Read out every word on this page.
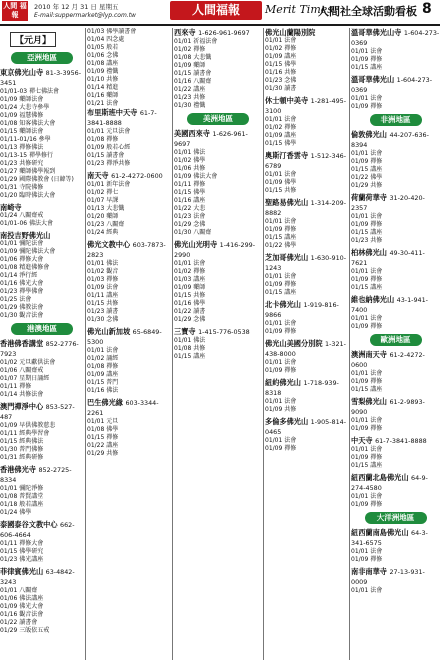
人間 福報
2010 年 12 月 31 日 星期五
E-mail:suppermarket@lyp.com.tw	人間福報	Merit Times
人間社全球活動看板 8
【元月】
亞洲地區
東京佛光山寺 81-3-3956-3451
01/01-03 禪七佛法會
01/09 藥師法會
01/24 大悲寺參學
01/09 福慧佛修
01/08 知客佛法大會
01/15 藥師法會
01/11-01/16 參學
01/13 禪修佛法
01/13-15 禪學修行
01/23 共修研究
01/27 藥師佛學報到
01/29 國際佛教會 (日韓等)
01/31 寺院佛修
01/20 臨時佛法大會
南崎寺
01/24 八關齋戒
01/01-06 佛法大會
南投吉野佛光山
01/01 彌陀法會
01/09 彌陀佛法大會
01/06 禪修大會
01/08 精進佛修會
01/14 淨行經
01/16 佛光大會
01/23 禪學佛會
01/25 法會
01/29 佛教法會
01/30 觀音法會
港澳地區
香港佛香講堂 852-2776-7923
01/02 元旦獻供法會
01/06 八關齋戒
01/07 星期日誦經
01/11 禪修
01/14 共修法會
澳門禪淨中心 853-527-487
01/09 早供佛教慈悲
01/11 經典學習會
01/15 經典佛法
01/30 普門佛修
01/31 經典研修
香港佛光寺 852-2725-8334
01/01 彌陀淨修
01/08 普賢講堂
01/18 般若講座
01/24 佛學
泰國泰谷文教中心 662-606-4664
01/11 禪修大會
01/15 佛學研究
01/23 佛光講座
菲律賓佛光山 63-4842-3243
01/01 八關齋
01/06 佛法講座
01/09 佛光大會
01/16 觀音法會
01/22 讀書會
01/29 三皈依五戒
01/03 佛學讀書會
01/04 四念處
01/05 般若
01/06 念佛
01/08 講座
01/09 禮懺
01/10 共修
01/14 精進
01/16 藥師
01/21 法會
布里斯班中天寺 61-7-3841-8888
01/01 元旦法會
01/08 禪修
01/09 般若心經
01/15 讀書會
01/23 禪淨共修
南天寺 61-2-4272-0600
01/01 新年法會
01/02 禪七
01/07 早課
01/13 大悲懺
01/20 藥師
01/23 八關齋
01/24 經典
佛光文教中心 603-7873-2823
01/01 佛法
01/02 觀音
01/03 禪修
01/09 法會
01/11 講座
01/15 共修
01/23 讀書
01/30 念佛
佛光山新加坡 65-6849-5300
01/01 法會
01/02 誦經
01/08 禪修
01/09 講座
01/15 普門
01/16 佛法
巴生佛光緣 603-3344-2261
01/01 元旦
01/08 佛學
01/15 禪修
01/22 講座
01/29 共修
西來寺 1-626-961-9697
01/01 祈福法會
01/02 禪修
01/08 大悲懺
01/09 藥師
01/15 讀書會
01/16 八關齋
01/22 講座
01/23 共修
01/30 禮懺
美洲地區
美國西來寺 1-626-961-9697
01/01 佛法
01/02 佛學
01/06 共修
01/09 佛法大會
01/11 禪修
01/15 佛學
01/16 講座
01/22 大悲
01/23 法會
01/29 念佛
01/30 八關齋
佛光山光明寺 1-416-299-2990
01/01 法會
01/02 禪修
01/03 講座
01/09 藥師
01/15 共修
01/16 佛學
01/22 讀書
01/29 念佛
三寶寺 1-415-776-0538
01/01 佛法
01/08 共修
01/15 講座
佛光山蘭陽別院
01/01 法會
01/02 禪修
01/09 講座
01/15 佛學
01/16 共修
01/23 念佛
01/30 讀書
休士頓中美寺 1-281-495-3100
01/01 法會
01/02 禪修
01/09 講座
01/15 佛學
奧斯汀香雲寺 1-512-346-6789
01/01 法會
01/09 佛學
01/15 共修
聖路易佛光山 1-314-209-8882
01/01 法會
01/09 禪修
01/15 講座
01/22 佛學
芝加哥佛光山 1-630-910-1243
01/01 法會
01/09 禪修
01/15 講座
北卡佛光山 1-919-816-9866
01/01 法會
01/09 禪修
佛光山美國分別院 1-321-438-8000
01/01 法會
01/09 禪修
紐約佛光山 1-718-939-8318
01/01 法會
01/09 共修
多倫多佛光山 1-905-814-0465
01/01 法會
01/09 禪修
溫哥華佛光山寺 1-604-273-0369
01/01 法會
01/09 禪修
01/15 講座
溫哥華佛光山 1-604-273-0369
01/01 法會
01/09 禪修
非洲地區
倫敦佛光山 44-207-636-8394
01/01 法會
01/09 禪修
01/15 講座
01/22 佛學
01/29 共修
荷蘭荷華寺 31-20-420-2357
01/01 法會
01/09 禪修
01/15 講座
01/23 共修
柏林佛光山 49-30-411-7621
01/01 法會
01/09 禪修
01/15 講座
維也納佛光山 43-1-941-7400
01/01 法會
01/09 禪修
歐洲地區
澳洲南天寺 61-2-4272-0600
01/01 法會
01/09 禪修
01/15 講座
雪梨佛光山 61-2-9893-9090
01/01 法會
01/09 禪修
中天寺 61-7-3841-8888
01/01 法會
01/09 禪修
01/15 講座
紐西蘭北島佛光山 64-9-274-4580
01/01 法會
01/09 禪修
大洋洲地區
紐西蘭南島佛光山 64-3-341-6575
01/01 法會
01/09 禪修
南非南華寺 27-13-931-0009
01/01 法會
